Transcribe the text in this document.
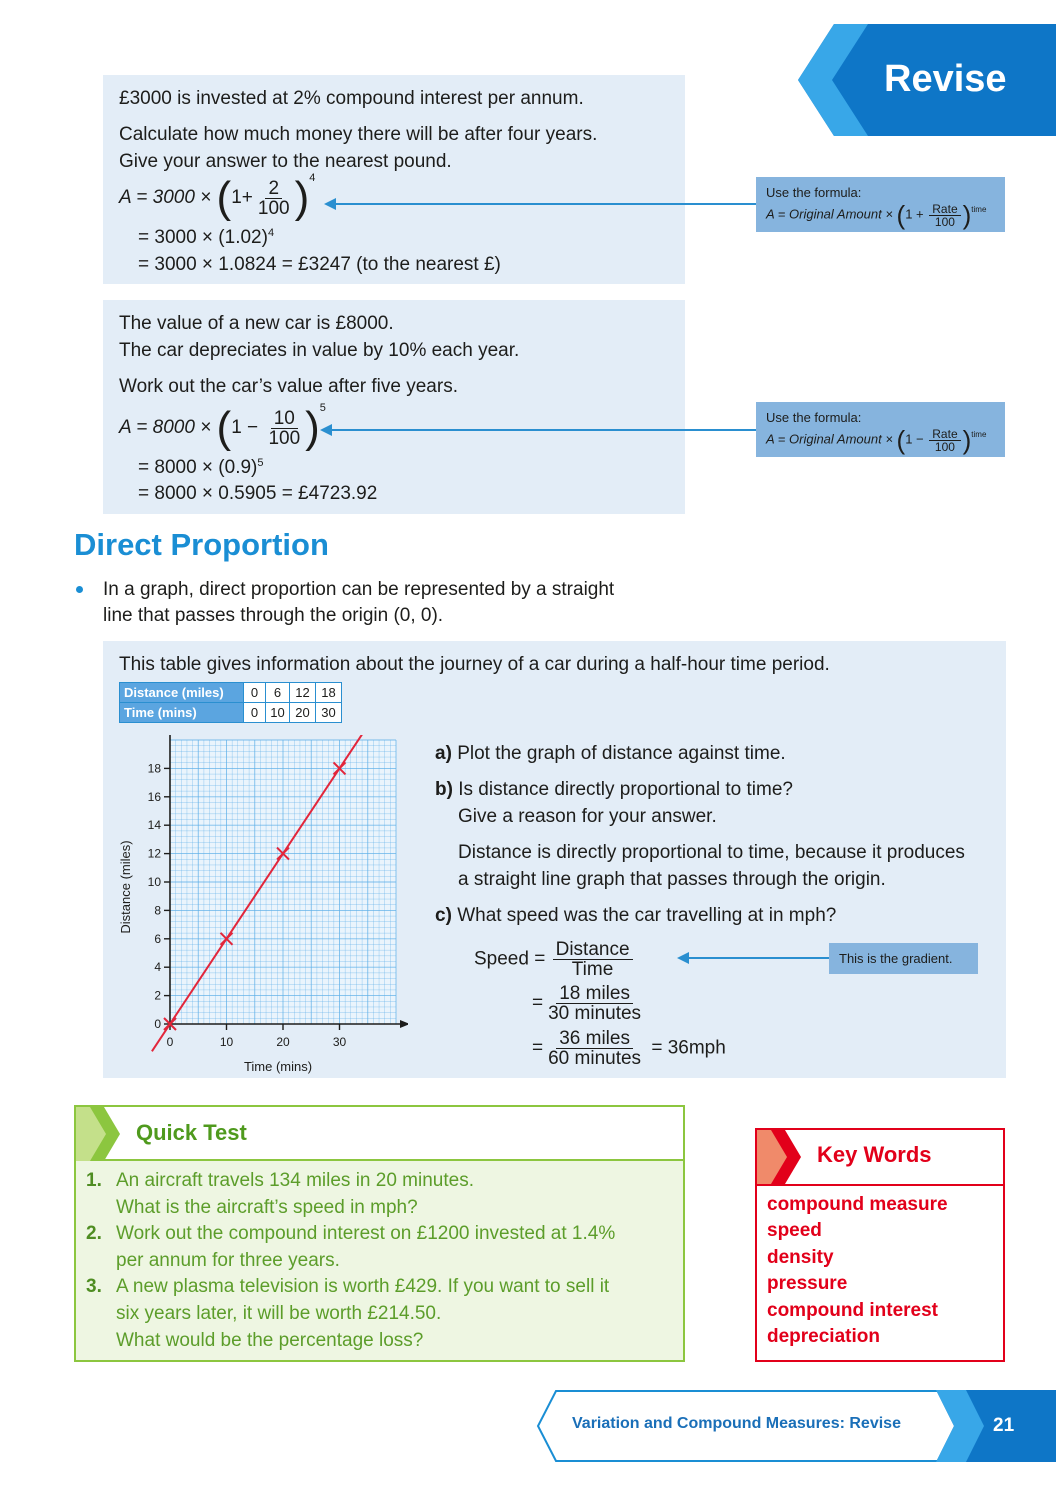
Revise
£3000 is invested at 2% compound interest per annum.
Calculate how much money there will be after four years.
Give your answer to the nearest pound.
$A = 3000 \times (1+ \frac{2}{100} )^4$
= $3000 \times (1.02)^4$
= 3000 × 1.0824 = £3247 (to the nearest £)
Use the formula:
A = Original Amount × $(1 + \frac{\text{Rate}}{100} )^{time}$
The value of a new car is £8000.
The car depreciates in value by 10% each year.
Work out the car’s value after five years.
$A = 8000 \times (1 - \frac{10}{100} )^5$
= $8000 \times (0.9)^5$
= 8000 × 0.5905 = £4723.92
Use the formula:
A = Original Amount × $(1 - \frac{\text{Rate}}{100} )^{time}$
Direct Proportion
In a graph, direct proportion can be represented by a straight
line that passes through the origin (0, 0).
This table gives information about the journey of a car during a half-hour time period.
Distance (miles)	0	6	12	18
Time (mins)	0	10	20	30
0
2
4
6
8
10
12
14
16
18
0	10	20	30
Time (mins)
Distance (miles)
a) Plot the graph of distance against time.
b) Is distance directly proportional to time?
Give a reason for your answer.
Distance is directly proportional to time, because it produces
a straight line graph that passes through the origin.
c) What speed was the car travelling at in mph?
Speed = $\frac{\text{Distance}}{\text{Time}}$
= $\frac{\text{18 miles}}{\text{30 minutes}}$
= $\frac{\text{36 miles}}{\text{60 minutes}} = 36mph$
This is the gradient.
Quick Test
1. An aircraft travels 134 miles in 20 minutes.
What is the aircraft’s speed in mph?
2. Work out the compound interest on £1200 invested at 1.4%
per annum for three years.
3. A new plasma television is worth £429. If you want to sell it
six years later, it will be worth £214.50.
What would be the percentage loss?
Key Words
compound measure
speed
density
pressure
compound interest
depreciation
Variation and Compound Measures: Revise	21
